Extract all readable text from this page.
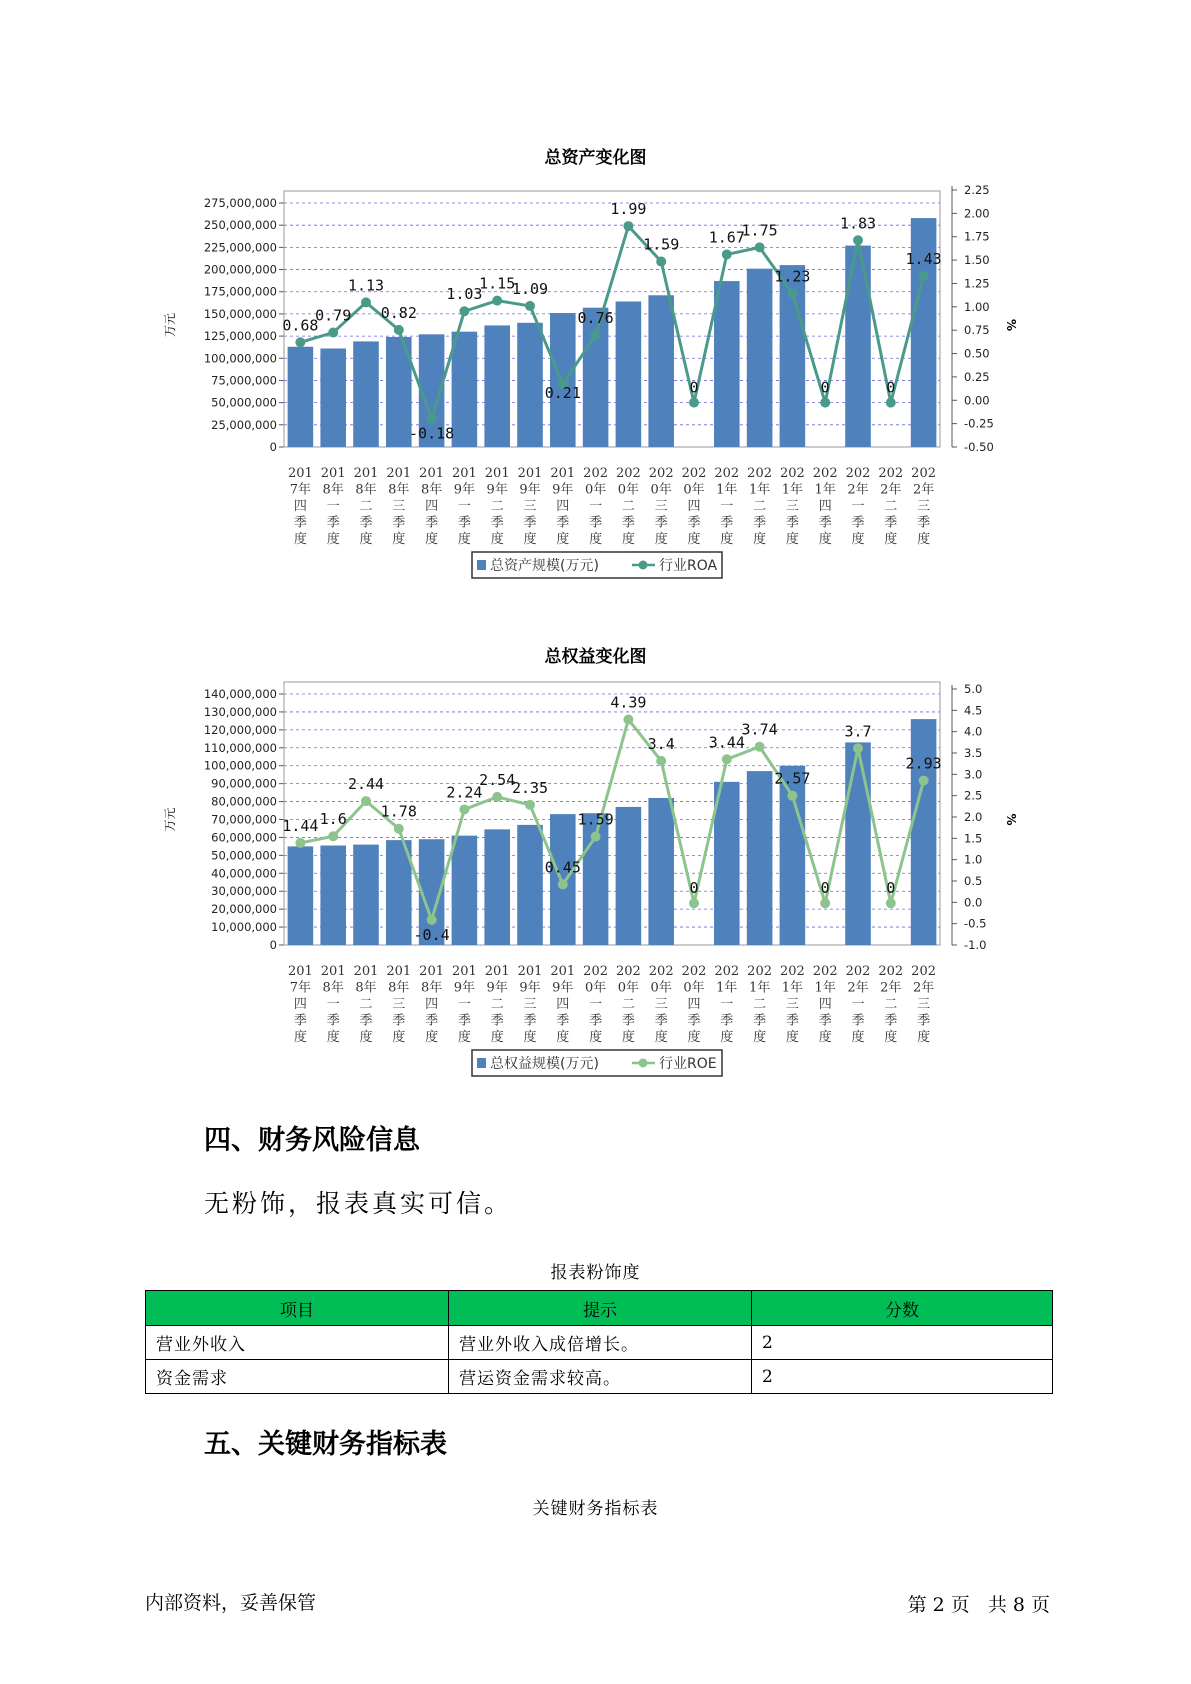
总资产变化图
275,000,000
250,000,000
225,000,000
200,000,000
175,000,000
150,000,000
125,000,000
100,000,000
75,000,000
50,000,000
25,000,000
0
2.25
2.00
1.75
1.50
1.25
1.00
0.75
0.50
0.25
0.00
-0.25
-0.50
万元	%
0.68
0.79
1.13
0.82
-0.18
1.03
1.15
1.09
0.21
0.76
1.99
1.59
0
1.67
1.75
1.23
0
1.83
0
1.43
201
7年
四
季
度
201
8年
一
季
度
201
8年
二
季
度
201
8年
三
季
度
201
8年
四
季
度
201
9年
一
季
度
201
9年
二
季
度
201
9年
三
季
度
201
9年
四
季
度
202
0年
一
季
度
202
0年
二
季
度
202
0年
三
季
度
202
0年
四
季
度
202
1年
一
季
度
202
1年
二
季
度
202
1年
三
季
度
202
1年
四
季
度
202
2年
一
季
度
202
2年
二
季
度
202
2年
三
季
度
总资产规模(万元)	行业ROA
总权益变化图
140,000,000
130,000,000
120,000,000
110,000,000
100,000,000
90,000,000
80,000,000
70,000,000
60,000,000
50,000,000
40,000,000
30,000,000
20,000,000
10,000,000
0
5.0
4.5
4.0
3.5
3.0
2.5
2.0
1.5
1.0
0.5
0.0
-0.5
-1.0
万元	%
1.44 1.6
2.44
1.78
-0.4
2.24
2.54
2.35
0.45
1.59
4.39
3.4
0
3.44
3.74
2.57
0
3.7
0
2.93
201
7年
四
季
度
201
8年
一
季
度
201
8年
二
季
度
201
8年
三
季
度
201
8年
四
季
度
201
9年
一
季
度
201
9年
二
季
度
201
9年
三
季
度
201
9年
四
季
度
202
0年
一
季
度
202
0年
二
季
度
202
0年
三
季
度
202
0年
四
季
度
202
1年
一
季
度
202
1年
二
季
度
202
1年
三
季
度
202
1年
四
季
度
202
2年
一
季
度
202
2年
二
季
度
202
2年
三
季
度
总权益规模(万元)	行业ROE
四、财务风险信息
无粉饰，报表真实可信。
报表粉饰度
项目	提示	分数
营业外收入	营业外收入成倍增长。	2
资金需求	营运资金需求较高。	2
五、关键财务指标表
关键财务指标表
内部资料，妥善保管	第 2 页 共 8 页
